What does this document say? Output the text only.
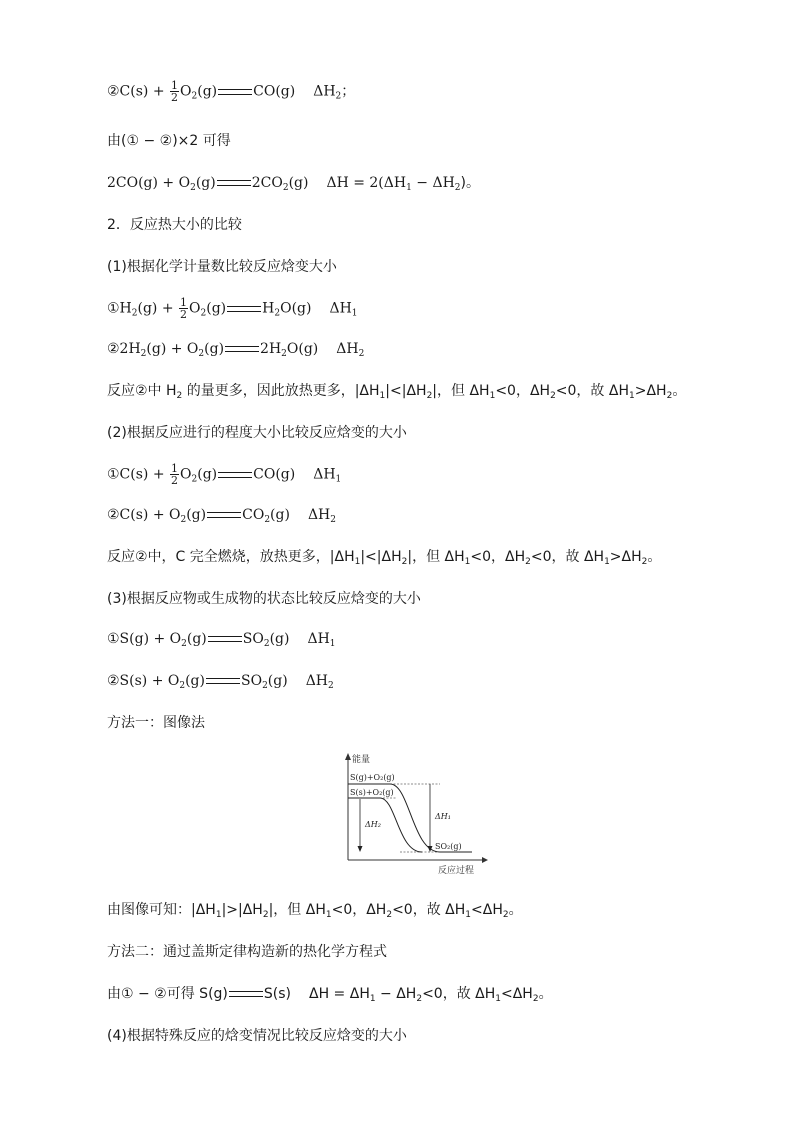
②C(s) + $\frac{1}{2} O_2(g)$	CO(g) $\Delta H_2$；
由(① − ②)×2 可得
$2CO(g) + O_2(g)$	$2CO_2(g) \Delta H = 2(\Delta H_1 - \Delta H_2)$。
2．反应热大小的比较
(1)根据化学计量数比较反应焓变大小
$①H_2(g) + \frac{1}{2} O_2(g)$	$H_2O(g)$ $\Delta H_1$
$②2H_2(g) + O_2(g)$	$2H_2O(g)$ $\Delta H_2$
反应②中 $H_2$ 的量更多，因此放热更多，$|\Delta H_1|<|\Delta H_2|$，但 $\Delta H_1<0$，$\Delta H_2<0$，故 $\Delta H_1>\Delta H_2$。
(2)根据反应进行的程度大小比较反应焓变的大小
①C(s) + $\frac{1}{2} O_2(g)$	CO(g) $\Delta H_1$
②C(s) + $O_2(g)$	$CO_2(g)$ $\Delta H_2$
反应②中，C 完全燃烧，放热更多，$|\Delta H_1|<|\Delta H_2|$，但 $\Delta H_1<0$，$\Delta H_2<0$，故 $\Delta H_1>\Delta H_2$。
(3)根据反应物或生成物的状态比较反应焓变的大小
①S(g) + $O_2(g)$	$SO_2(g)$ $\Delta H_1$
②S(s) + $O_2(g)$	$SO_2(g)$ $\Delta H_2$
方法一：图像法
能量
反应过程
S(g)+O₂(g)
S(s)+O₂(g)
SO₂(g)
ΔH₁
ΔH₂
由图像可知：$|\Delta H_1|>|\Delta H_2|$，但 $\Delta H_1<0$，$\Delta H_2<0$，故 $\Delta H_1<\Delta H_2$。
方法二：通过盖斯定律构造新的热化学方程式
由① − ②可得 S(g)	S(s) $\Delta H = \Delta H_1 - \Delta H_2<0$，故 $\Delta H_1<\Delta H_2$。
(4)根据特殊反应的焓变情况比较反应焓变的大小
